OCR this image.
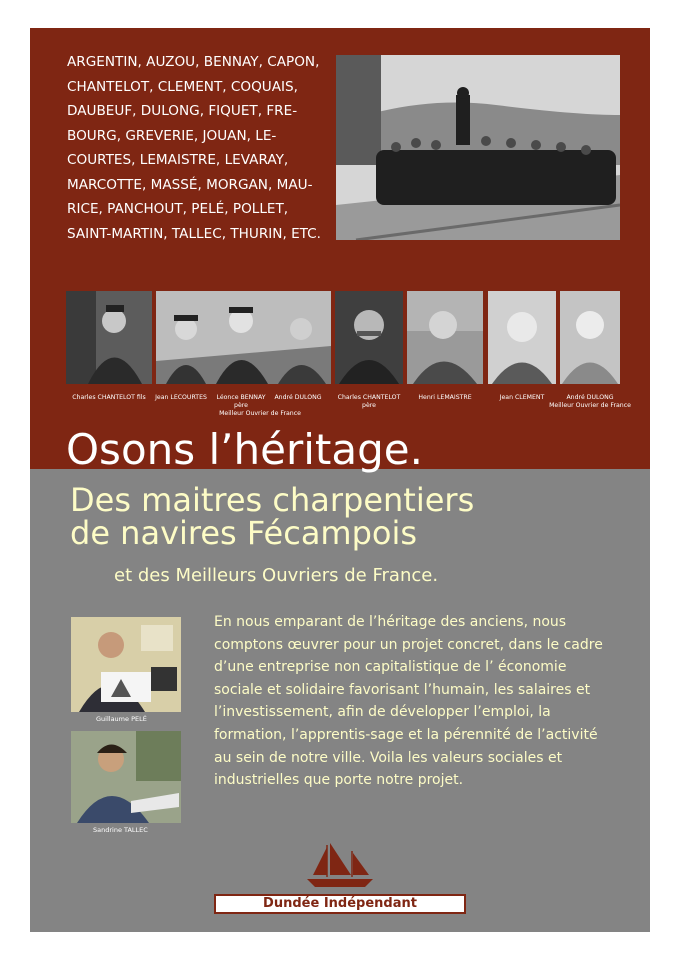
ARGENTIN, AUZOU, BENNAY, CAPON, CHANTELOT, CLEMENT, COQUAIS, DAUBEUF, DULONG, FIQUET, FRE-BOURG, GREVERIE, JOUAN, LE-COURTES, LEMAISTRE, LEVARAY, MARCOTTE, MASSÉ, MORGAN, MAU-RICE, PANCHOUT, PELÉ, POLLET, SAINT-MARTIN, TALLEC, THURIN, ETC.

Charles CHANTELOT fils	Jean LECOURTES	Léonce BENNAY
père
André DULONG
Meilleur Ouvrier de France
Charles CHANTELOT
père
Henri LEMAISTRE	Jean CLEMENT	André DULONG
Meilleur Ouvrier de France
Osons l’héritage.
Des maitres charpentiers
de navires Fécampois
et des Meilleurs Ouvriers de France.
Guillaume PELÉ
Sandrine TALLEC

En nous emparant de l’héritage des anciens, nous comptons œuvrer pour un projet concret, dans le cadre d’une entreprise non capitalistique de l’ économie sociale et solidaire favorisant l’humain, les salaires et l’investissement, afin de développer l’emploi, la formation, l’apprentis-sage et la pérennité de l’activité au sein de notre ville. Voila les valeurs sociales et industrielles que porte notre projet.

Dundée Indépendant
